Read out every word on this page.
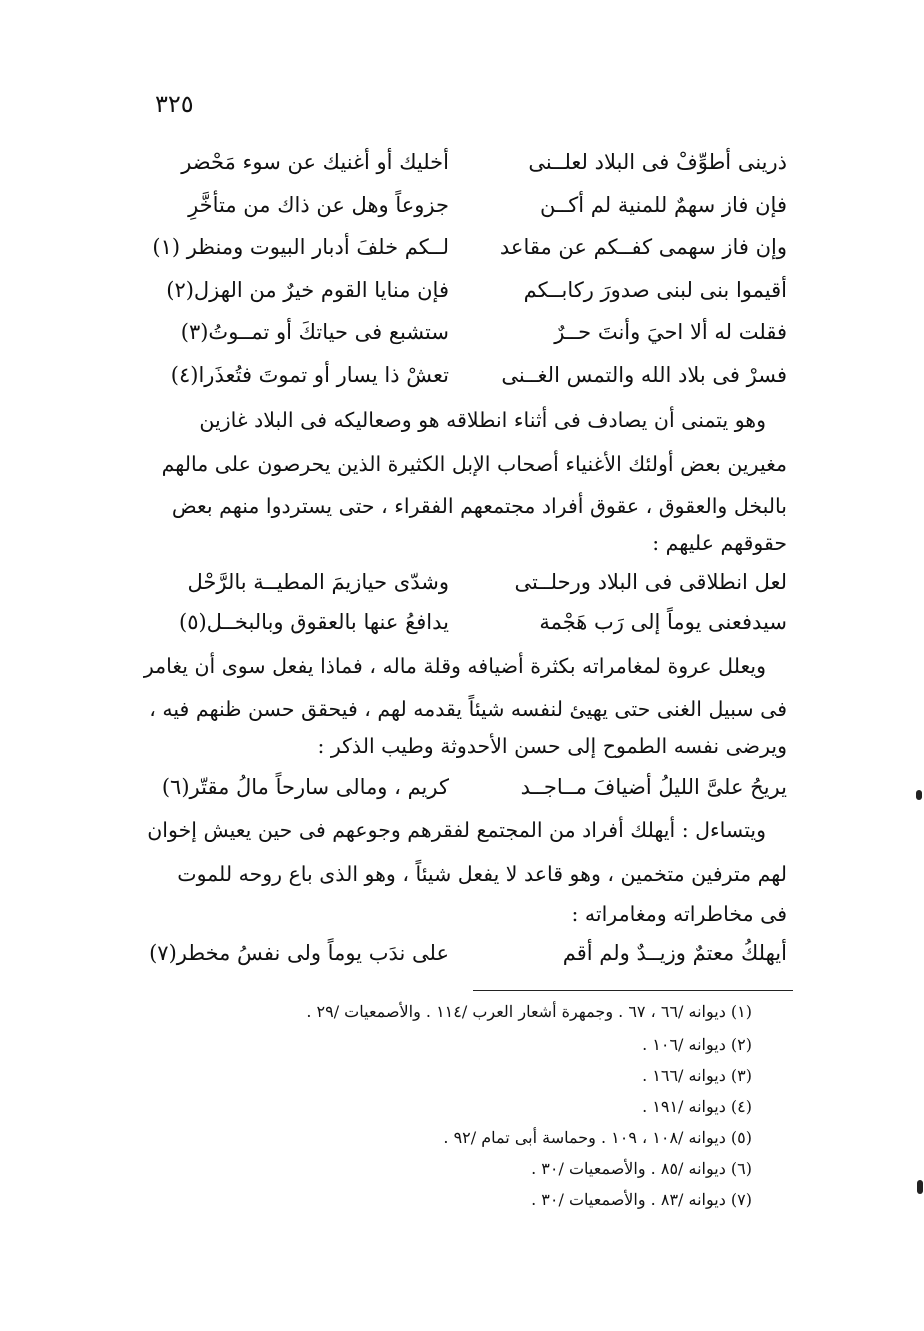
٣٢٥
ذرينى أطوِّفْ فى البلاد لعلــنى
أخليك أو أغنيك عن سوء مَحْضر
فإن فاز سهمٌ للمنية لم أكــن
جزوعاً وهل عن ذاك من متأخَّرِ
وإن فاز سهمى كفــكم عن مقاعد
لــكم خلفَ أدبار البيوت ومنظر (١)
أقيموا بنى لبنى صدورَ ركابــكم
فإن منايا القوم خيرٌ من الهزل(٢)
فقلت له ألا احيَ وأنتَ حــرٌ
ستشبع فى حياتكَ أو تمــوتُ(٣)
فسرْ فى بلاد الله والتمس الغــنى
تعشْ ذا يسار أو تموتَ فتُعذَرا(٤)
وهو يتمنى أن يصادف فى أثناء انطلاقه هو وصعاليكه فى البلاد غازين
مغيرين بعض أولئك الأغنياء أصحاب الإبل الكثيرة الذين يحرصون على مالهم
بالبخل والعقوق ، عقوق أفراد مجتمعهم الفقراء ، حتى يستردوا منهم بعض
حقوقهم عليهم :
لعل انطلاقى فى البلاد ورحلــتى
وشدّى حيازيمَ المطيــة بالرَّحْل
سيدفعنى يوماً إلى رَب هَجْمة
يدافعُ عنها بالعقوق وبالبخــل(٥)
ويعلل عروة لمغامراته بكثرة أضيافه وقلة ماله ، فماذا يفعل سوى أن يغامر
فى سبيل الغنى حتى يهيئ لنفسه شيئاً يقدمه لهم ، فيحقق حسن ظنهم فيه ،
ويرضى نفسه الطموح إلى حسن الأحدوثة وطيب الذكر :
يريحُ علىَّ الليلُ أضيافَ مــاجــد
كريم ، ومالى سارحاً مالُ مقتّر(٦)
ويتساءل : أيهلك أفراد من المجتمع لفقرهم وجوعهم فى حين يعيش إخوان
لهم مترفين متخمين ، وهو قاعد لا يفعل شيئاً ، وهو الذى باع روحه للموت
فى مخاطراته ومغامراته :
أيهلكُ معتمٌ وزيــدٌ ولم أقم
على ندَب يوماً ولى نفسُ مخطر(٧)
(١) ديوانه /٦٦ ، ٦٧ . وجمهرة أشعار العرب /١١٤ . والأصمعيات /٢٩ .
(٢) ديوانه /١٠٦ .
(٣) ديوانه /١٦٦ .
(٤) ديوانه /١٩١ .
(٥) ديوانه /١٠٨ ، ١٠٩ . وحماسة أبى تمام /٩٢ .
(٦) ديوانه /٨٥ . والأصمعيات /٣٠ .
(٧) ديوانه /٨٣ . والأصمعيات /٣٠ .
